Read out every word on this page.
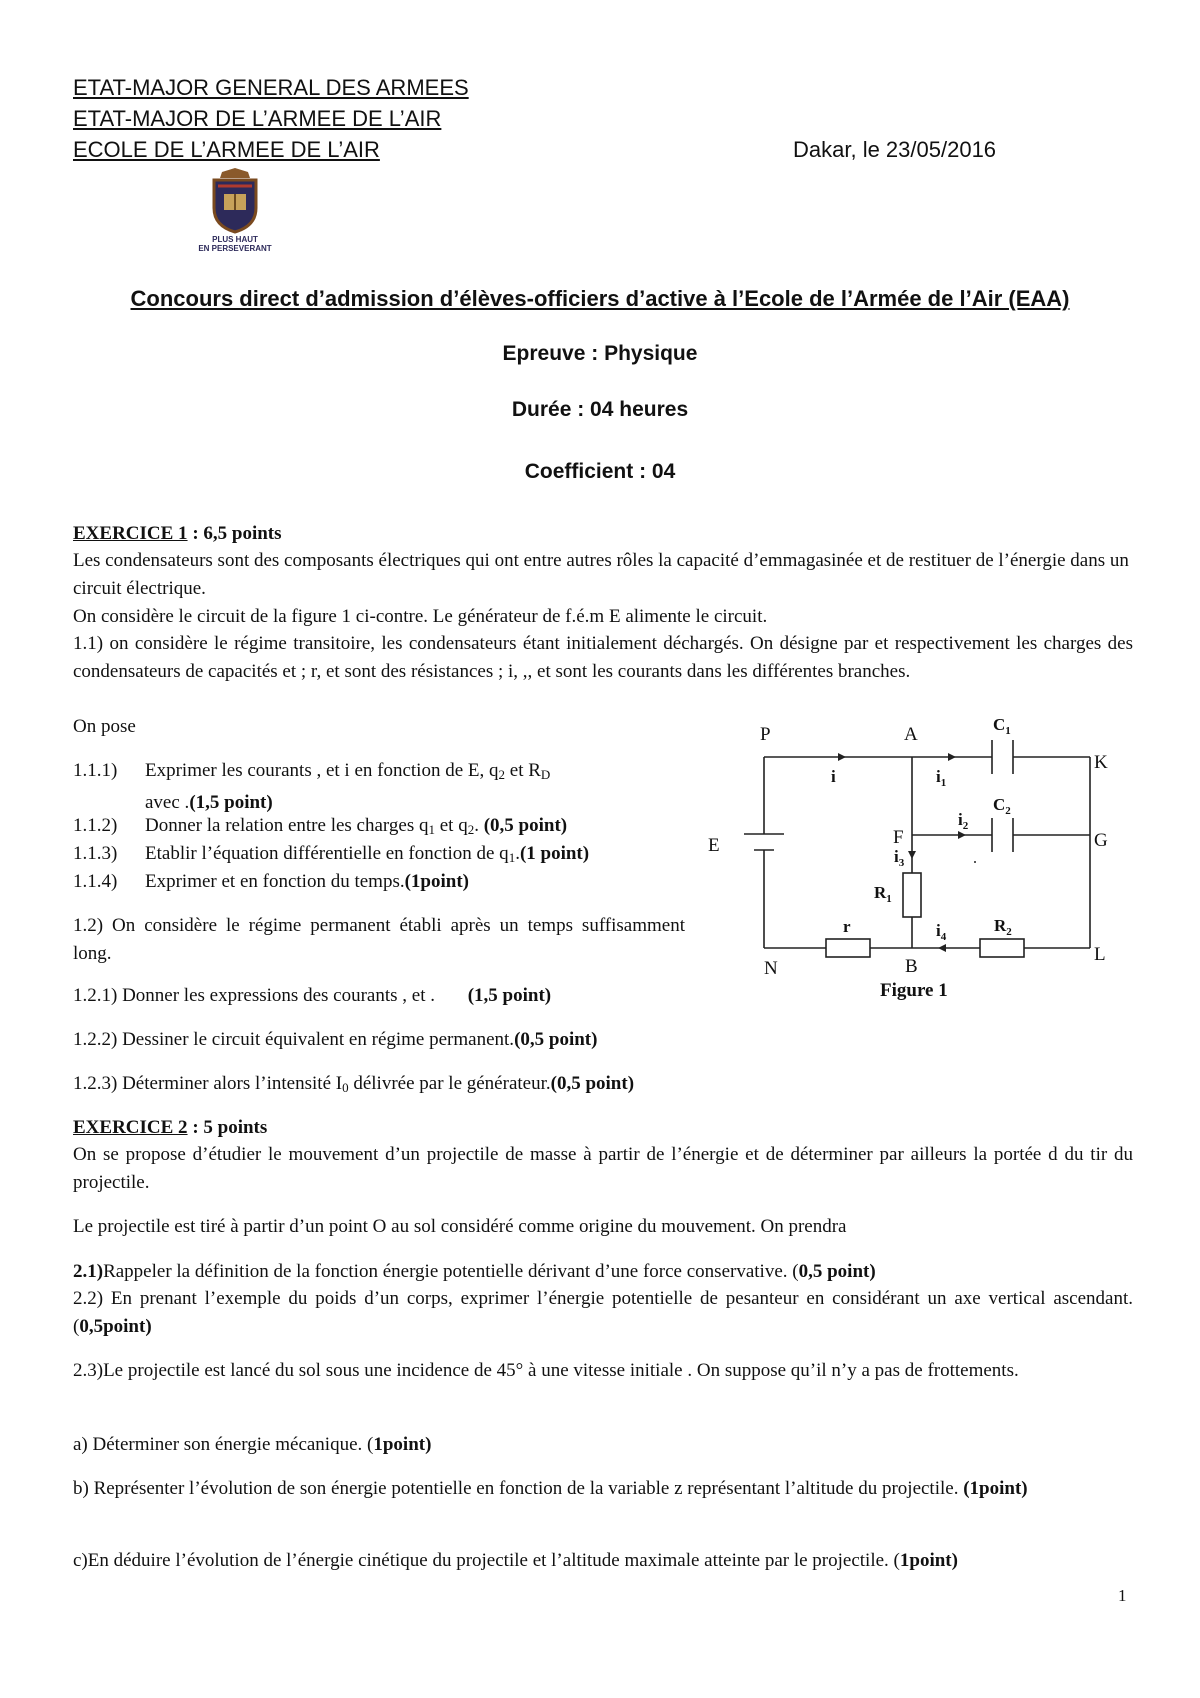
ETAT-MAJOR GENERAL DES ARMEES
ETAT-MAJOR DE L’ARMEE DE L’AIR
ECOLE DE L’ARMEE DE L’AIR	Dakar, le 23/05/2016
PLUS HAUT
EN PERSEVERANT
Concours direct d’admission d’élèves-officiers d’active à l’Ecole de l’Armée de l’Air (EAA)
Epreuve : Physique
Durée : 04 heures
Coefficient : 04
EXERCICE 1 : 6,5 points
Les condensateurs sont des composants électriques qui ont entre autres rôles la capacité d’emmagasinée et de restituer de l’énergie dans un circuit électrique.
On considère le circuit de la figure 1 ci-contre. Le générateur de f.é.m E alimente le circuit.
1.1) on considère le régime transitoire, les condensateurs étant initialement déchargés. On désigne par et respectivement les charges des condensateurs de capacités et ; r, et sont des résistances ; i, ,, et sont les courants dans les différentes branches.
On pose
1.1.1) Exprimer les courants , et i en fonction de E, $q_2$ et $R_D$
avec .(1,5 point)
1.1.2) Donner la relation entre les charges $q_1$ et $q_2$. (0,5 point)
1.1.3) Etablir l’équation différentielle en fonction de $q_1.(1$ point)
1.1.4) Exprimer et en fonction du temps.(1point)
1.2) On considère le régime permanent établi après un temps suffisamment long.
1.2.1) Donner les expressions des courants , et . (1,5 point)
1.2.2) Dessiner le circuit équivalent en régime permanent.(0,5 point)
1.2.3) Déterminer alors l’intensité $I_0$ délivrée par le générateur.(0,5 point)
P	A
K
E	F	G
N	B
L
i	$i_1$
$i_2$
$i_3$
$i_4$
$C_1$
$C_2$
$R_1$
$R_2$
r
Figure 1
EXERCICE 2 : 5 points
On se propose d’étudier le mouvement d’un projectile de masse à partir de l’énergie et de déterminer par ailleurs la portée d du tir du projectile.
Le projectile est tiré à partir d’un point O au sol considéré comme origine du mouvement. On prendra
2.1)Rappeler la définition de la fonction énergie potentielle dérivant d’une force conservative. (0,5 point)
2.2) En prenant l’exemple du poids d’un corps, exprimer l’énergie potentielle de pesanteur en considérant un axe vertical ascendant. (0,5point)
2.3)Le projectile est lancé du sol sous une incidence de 45° à une vitesse initiale . On suppose qu’il n’y a pas de frottements.
a) Déterminer son énergie mécanique. (1point)
b) Représenter l’évolution de son énergie potentielle en fonction de la variable z représentant l’altitude du projectile. (1point)
c)En déduire l’évolution de l’énergie cinétique du projectile et l’altitude maximale atteinte par le projectile. (1point)
1
